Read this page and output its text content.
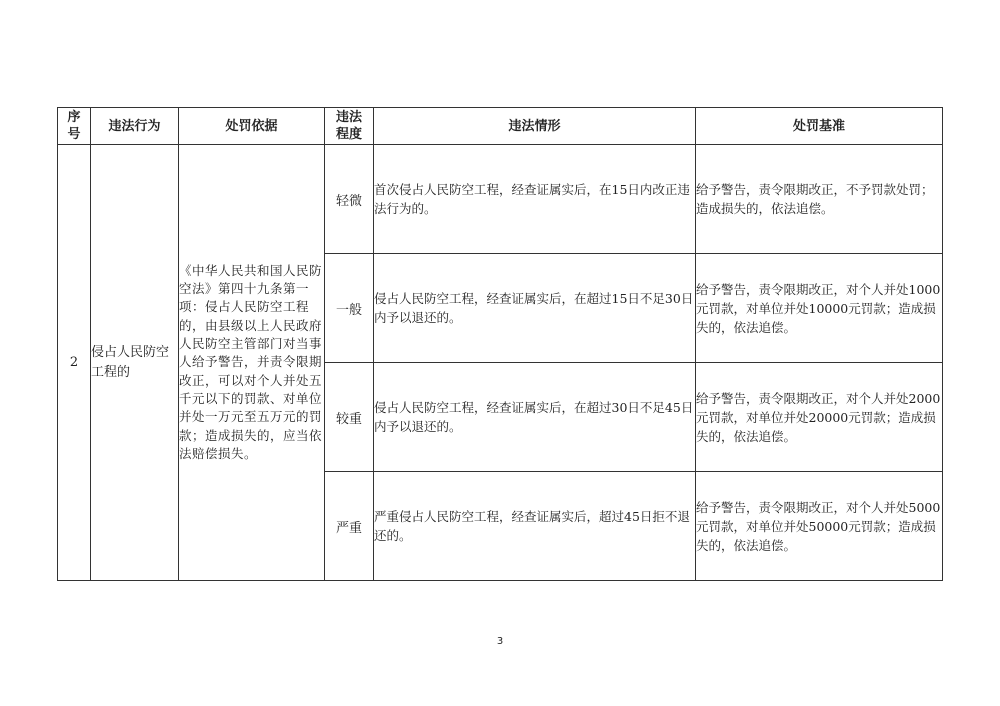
序号	违法行为	处罚依据	违法程度	违法情形	处罚基准
2	侵占人民防空工程的	《中华人民共和国人民防空法》第四十九条第一项：侵占人民防空工程的，由县级以上人民政府人民防空主管部门对当事人给予警告，并责令限期改正，可以对个人并处五千元以下的罚款、对单位并处一万元至五万元的罚款；造成损失的，应当依法赔偿损失。	轻微	首次侵占人民防空工程，经查证属实后，在15日内改正违法行为的。	给予警告，责令限期改正，不予罚款处罚；造成损失的，依法追偿。
			一般	侵占人民防空工程，经查证属实后，在超过15日不足30日内予以退还的。	给予警告，责令限期改正，对个人并处1000元罚款，对单位并处10000元罚款；造成损失的，依法追偿。
			较重	侵占人民防空工程，经查证属实后，在超过30日不足45日内予以退还的。	给予警告，责令限期改正，对个人并处2000元罚款，对单位并处20000元罚款；造成损失的，依法追偿。
			严重	严重侵占人民防空工程，经查证属实后，超过45日拒不退还的。	给予警告，责令限期改正，对个人并处5000元罚款，对单位并处50000元罚款；造成损失的，依法追偿。
3
